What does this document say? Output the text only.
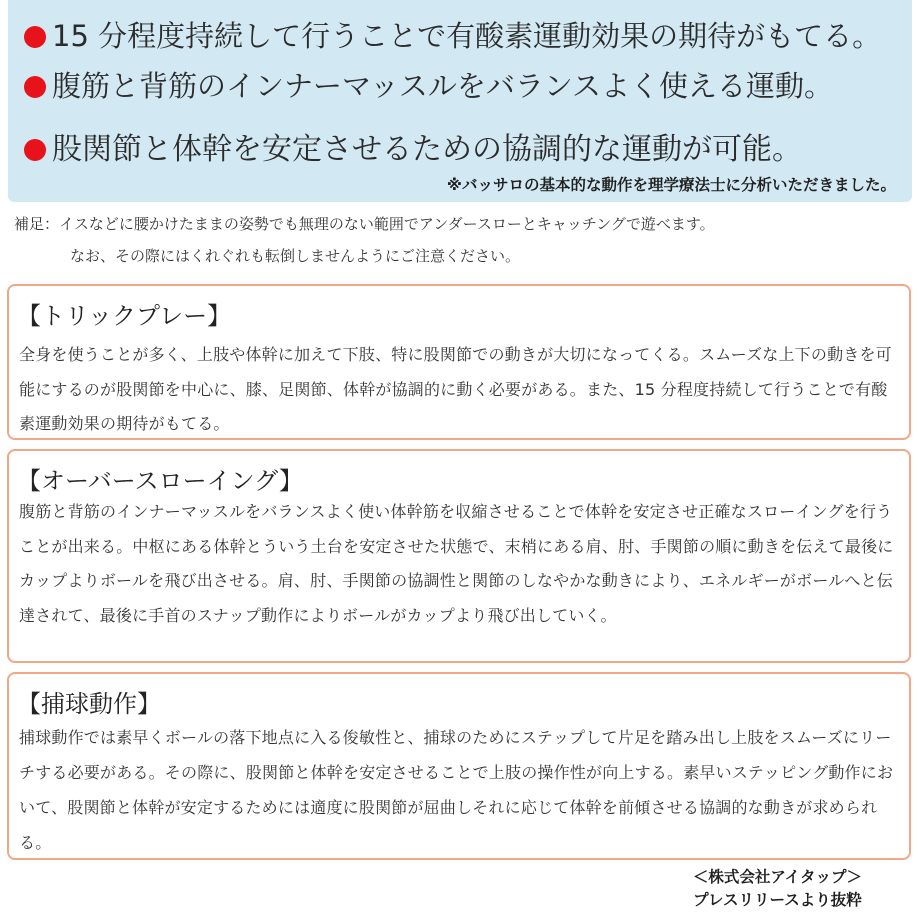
15 分程度持続して行うことで有酸素運動効果の期待がもてる。
腹筋と背筋のインナーマッスルをバランスよく使える運動。
股関節と体幹を安定させるための協調的な運動が可能。
※バッサロの基本的な動作を理学療法士に分析いただきました。
補足：イスなどに腰かけたままの姿勢でも無理のない範囲でアンダースローとキャッチングで遊べます。
なお、その際にはくれぐれも転倒しませんようにご注意ください。
【トリックプレー】
全身を使うことが多く、上肢や体幹に加えて下肢、特に股関節での動きが大切になってくる。スムーズな上下の動きを可能にするのが股関節を中心に、膝、足関節、体幹が協調的に動く必要がある。また、15 分程度持続して行うことで有酸素運動効果の期待がもてる。
【オーバースローイング】
腹筋と背筋のインナーマッスルをバランスよく使い体幹筋を収縮させることで体幹を安定させ正確なスローイングを行うことが出来る。中枢にある体幹とういう土台を安定させた状態で、末梢にある肩、肘、手関節の順に動きを伝えて最後にカップよりボールを飛び出させる。肩、肘、手関節の協調性と関節のしなやかな動きにより、エネルギーがボールへと伝達されて、最後に手首のスナップ動作によりボールがカップより飛び出していく。
【捕球動作】
捕球動作では素早くボールの落下地点に入る俊敏性と、捕球のためにステップして片足を踏み出し上肢をスムーズにリーチする必要がある。その際に、股関節と体幹を安定させることで上肢の操作性が向上する。素早いステッピング動作において、股関節と体幹が安定するためには適度に股関節が屈曲しそれに応じて体幹を前傾させる協調的な動きが求められる。
＜株式会社アイタップ＞
プレスリリースより抜粋
